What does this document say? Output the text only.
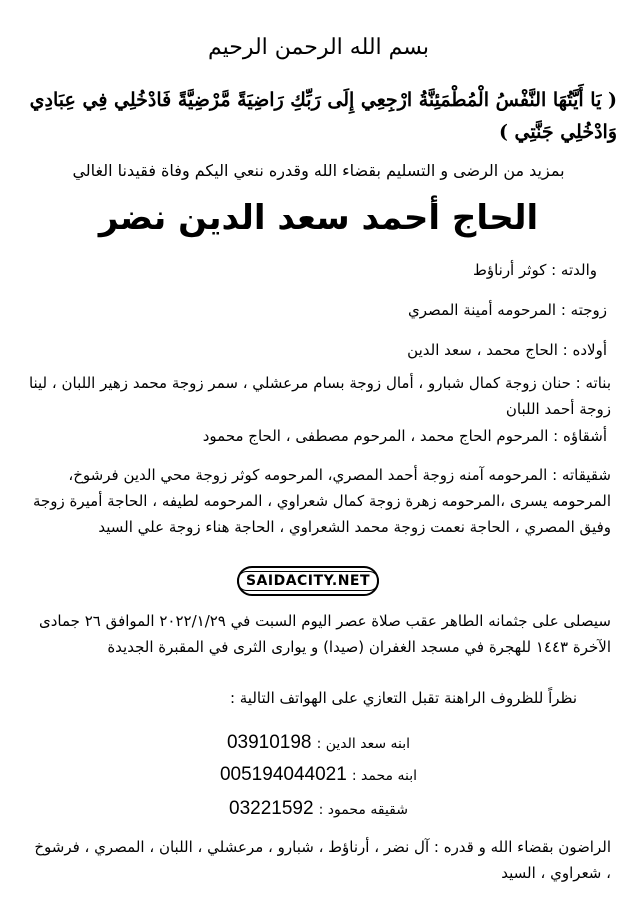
بسم الله الرحمن الرحيم
( يَا أَيَّتُهَا النَّفْسُ الْمُطْمَئِنَّةُ ارْجِعِي إِلَى رَبِّكِ رَاضِيَةً مَّرْضِيَّةً فَادْخُلِي فِي عِبَادِي وَادْخُلِي جَنَّتِي )
بمزيد من الرضى و التسليم بقضاء الله وقدره ننعي اليكم وفاة فقيدنا الغالي
الحاج أحمد سعد الدين نضر
والدته : كوثر أرناؤط
زوجته : المرحومه أمينة المصري
أولاده : الحاج محمد ، سعد الدين
بناته : حنان زوجة كمال شبارو ، أمال زوجة بسام مرعشلي ، سمر زوجة محمد زهير اللبان ، لينا زوجة أحمد اللبان
أشقاؤه : المرحوم الحاج محمد ، المرحوم مصطفى ، الحاج محمود
شقيقاته : المرحومه آمنه زوجة أحمد المصري، المرحومه كوثر زوجة محي الدين فرشوخ، المرحومه يسرى ،المرحومه زهرة زوجة كمال شعراوي ، المرحومه لطيفه ، الحاجة أميرة زوجة وفيق المصري ، الحاجة نعمت زوجة محمد الشعراوي ، الحاجة هناء زوجة علي السيد
SAIDACITY.NET
سيصلى على جثمانه الطاهر عقب صلاة عصر اليوم السبت في ٢٠٢٢/١/٢٩ الموافق ٢٦ جمادى الآخرة ١٤٤٣ للهجرة في مسجد الغفران (صيدا) و يوارى الثرى في المقبرة الجديدة
نظراً للظروف الراهنة تقبل التعازي على الهواتف التالية :
ابنه سعد الدين : 03910198
ابنه محمد : 005194044021
شقيقه محمود : 03221592
الراضون بقضاء الله و قدره : آل نضر ، أرناؤط ، شبارو ، مرعشلي ، اللبان ، المصري ، فرشوخ ، شعراوي ، السيد
